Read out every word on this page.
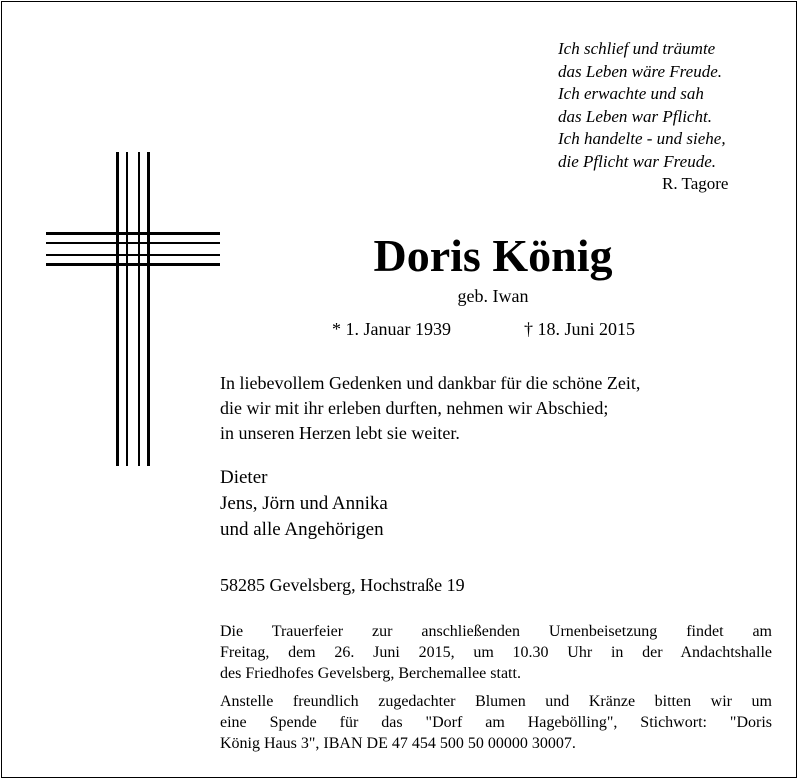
Ich schlief und träumte
das Leben wäre Freude.
Ich erwachte und sah
das Leben war Pflicht.
Ich handelte - und siehe,
die Pflicht war Freude.
R. Tagore
Doris König
geb. Iwan
* 1. Januar 1939	† 18. Juni 2015
In liebevollem Gedenken und dankbar für die schöne Zeit,
die wir mit ihr erleben durften, nehmen wir Abschied;
in unseren Herzen lebt sie weiter.
Dieter
Jens, Jörn und Annika
und alle Angehörigen
58285 Gevelsberg, Hochstraße 19
Die Trauerfeier zur anschließenden Urnenbeisetzung findet am
Freitag, dem 26. Juni 2015, um 10.30 Uhr in der Andachtshalle
des Friedhofes Gevelsberg, Berchemallee statt.
Anstelle freundlich zugedachter Blumen und Kränze bitten wir um
eine Spende für das "Dorf am Hagebölling", Stichwort: "Doris
König Haus 3", IBAN DE 47 454 500 50 00000 30007.
